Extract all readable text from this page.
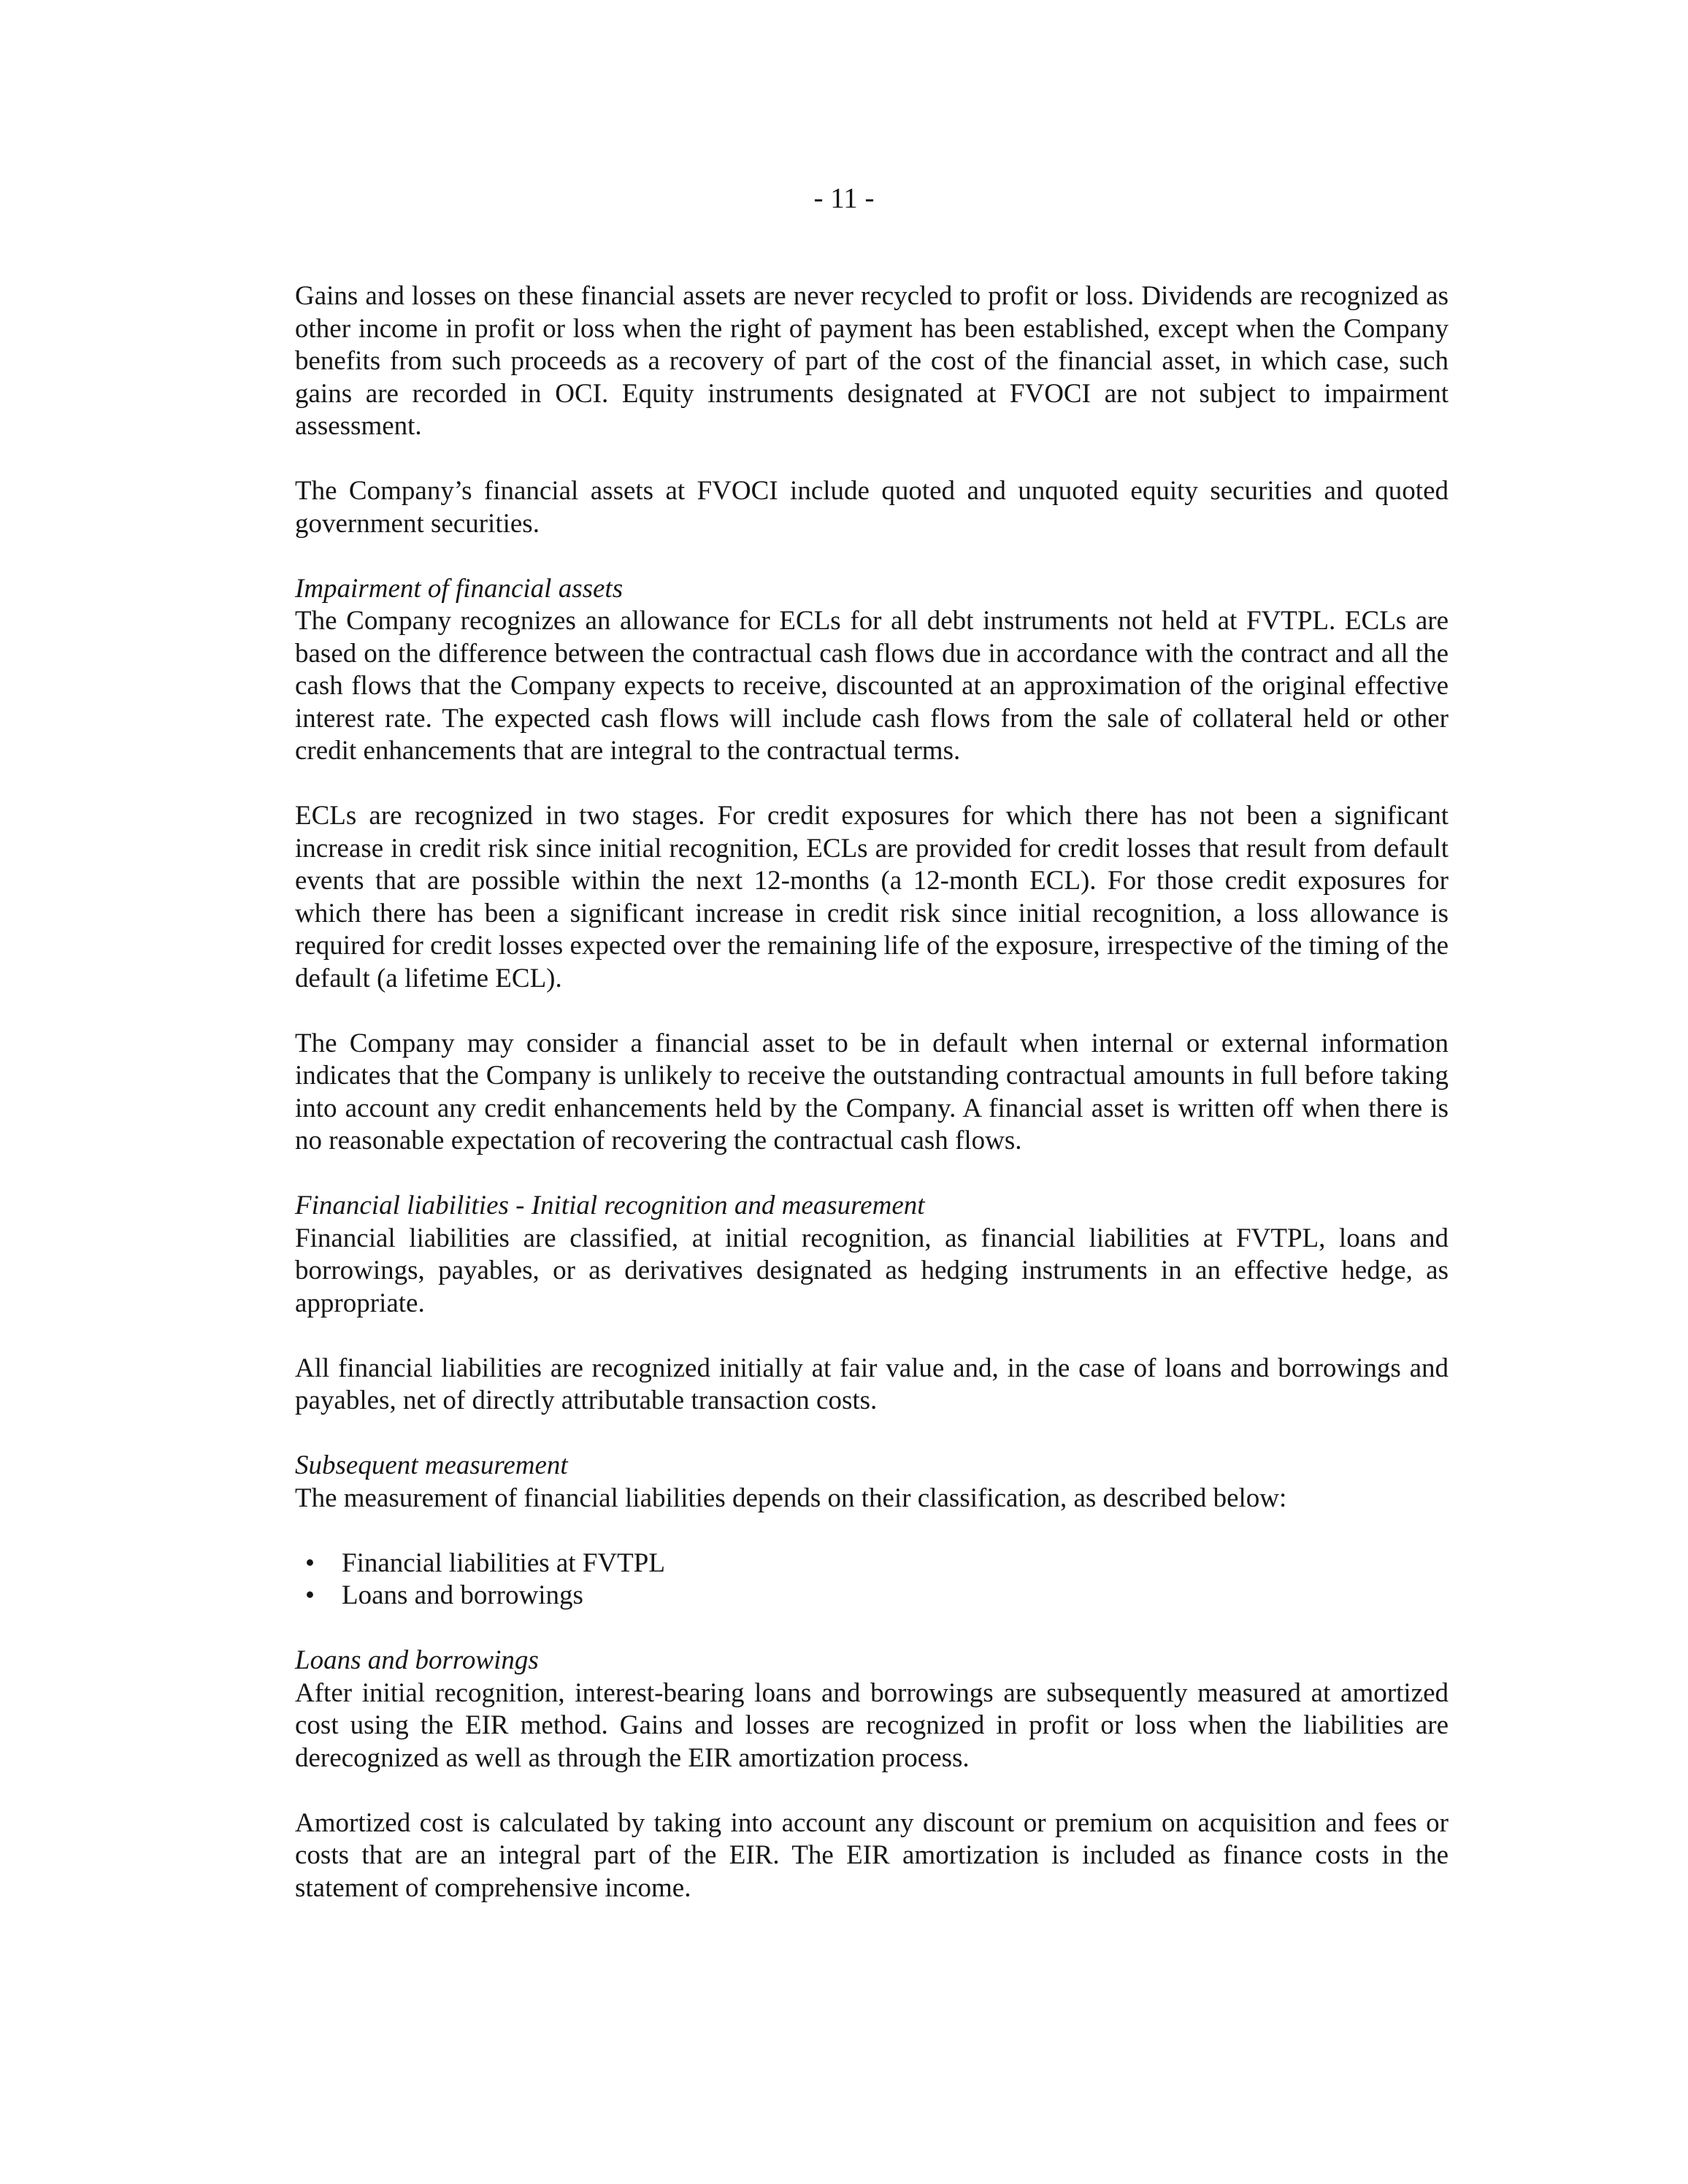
- 11 -

Gains and losses on these financial assets are never recycled to profit or loss. Dividends are recognized as other income in profit or loss when the right of payment has been established, except when the Company benefits from such proceeds as a recovery of part of the cost of the financial asset, in which case, such gains are recorded in OCI. Equity instruments designated at FVOCI are not subject to impairment assessment.

The Company’s financial assets at FVOCI include quoted and unquoted equity securities and quoted government securities.

Impairment of financial assets

The Company recognizes an allowance for ECLs for all debt instruments not held at FVTPL. ECLs are based on the difference between the contractual cash flows due in accordance with the contract and all the cash flows that the Company expects to receive, discounted at an approximation of the original effective interest rate. The expected cash flows will include cash flows from the sale of collateral held or other credit enhancements that are integral to the contractual terms.

ECLs are recognized in two stages. For credit exposures for which there has not been a significant increase in credit risk since initial recognition, ECLs are provided for credit losses that result from default events that are possible within the next 12-months (a 12-month ECL). For those credit exposures for which there has been a significant increase in credit risk since initial recognition, a loss allowance is required for credit losses expected over the remaining life of the exposure, irrespective of the timing of the default (a lifetime ECL).

The Company may consider a financial asset to be in default when internal or external information indicates that the Company is unlikely to receive the outstanding contractual amounts in full before taking into account any credit enhancements held by the Company. A financial asset is written off when there is no reasonable expectation of recovering the contractual cash flows.

Financial liabilities - Initial recognition and measurement

Financial liabilities are classified, at initial recognition, as financial liabilities at FVTPL, loans and borrowings, payables, or as derivatives designated as hedging instruments in an effective hedge, as appropriate.

All financial liabilities are recognized initially at fair value and, in the case of loans and borrowings and payables, net of directly attributable transaction costs.

Subsequent measurement

The measurement of financial liabilities depends on their classification, as described below:

• Financial liabilities at FVTPL
• Loans and borrowings

Loans and borrowings

After initial recognition, interest-bearing loans and borrowings are subsequently measured at amortized cost using the EIR method. Gains and losses are recognized in profit or loss when the liabilities are derecognized as well as through the EIR amortization process.

Amortized cost is calculated by taking into account any discount or premium on acquisition and fees or costs that are an integral part of the EIR. The EIR amortization is included as finance costs in the statement of comprehensive income.
